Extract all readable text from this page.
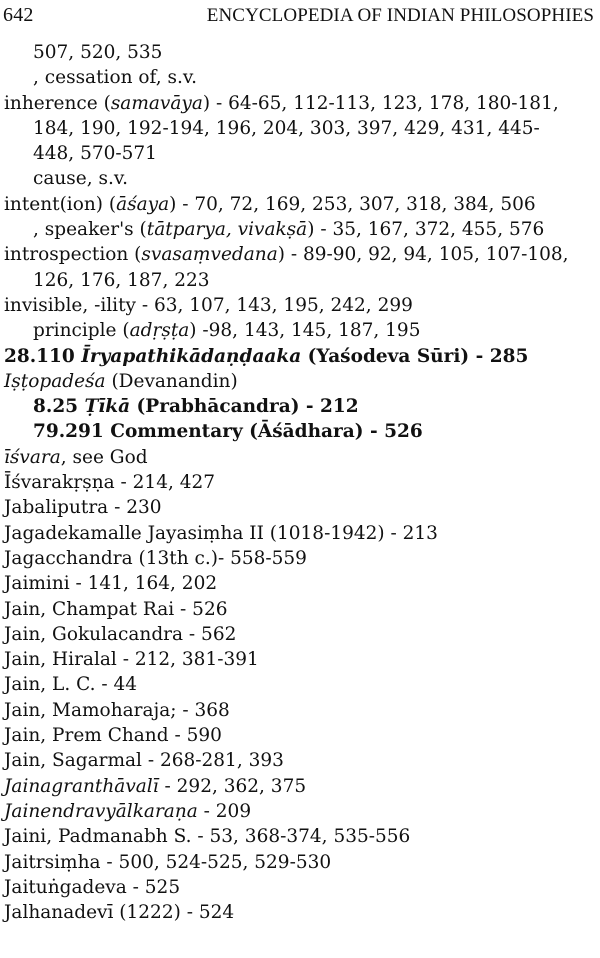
642	ENCYCLOPEDIA OF INDIAN PHILOSOPHIES
507, 520, 535
, cessation of, s.v.
inherence (samavāya) - 64-65, 112-113, 123, 178, 180-181,
184, 190, 192-194, 196, 204, 303, 397, 429, 431, 445-
448, 570-571
cause, s.v.
intent(ion) (āśaya) - 70, 72, 169, 253, 307, 318, 384, 506
, speaker's (tātparya, vivakṣā) - 35, 167, 372, 455, 576
introspection (svasaṃvedana) - 89-90, 92, 94, 105, 107-108,
126, 176, 187, 223
invisible, -ility - 63, 107, 143, 195, 242, 299
principle (adṛṣṭa) -98, 143, 145, 187, 195
28.110 Īryapathikādaṇḍaaka (Yaśodeva Sūri) - 285
Iṣṭopadeśa (Devanandin)
8.25 Ṭīkā (Prabhācandra) - 212
79.291 Commentary (Āśādhara) - 526
īśvara, see God
Īśvarakṛṣṇa - 214, 427
Jabaliputra - 230
Jagadekamalle Jayasiṃha II (1018-1942) - 213
Jagacchandra (13th c.)- 558-559
Jaimini - 141, 164, 202
Jain, Champat Rai - 526
Jain, Gokulacandra - 562
Jain, Hiralal - 212, 381-391
Jain, L. C. - 44
Jain, Mamoharaja; - 368
Jain, Prem Chand - 590
Jain, Sagarmal - 268-281, 393
Jainagranthāvalī - 292, 362, 375
Jainendravyālkaraṇa - 209
Jaini, Padmanabh S. - 53, 368-374, 535-556
Jaitrsiṃha - 500, 524-525, 529-530
Jaituṅgadeva - 525
Jalhanadevī (1222) - 524
